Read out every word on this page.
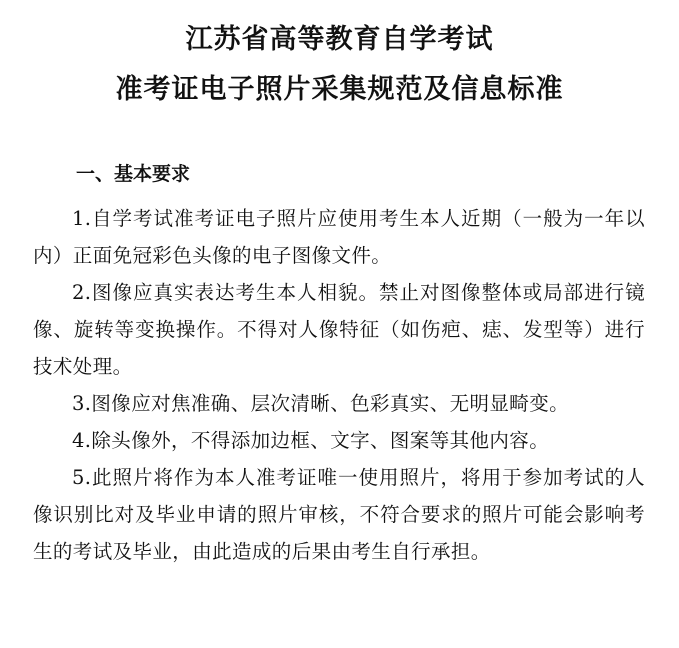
江苏省高等教育自学考试
准考证电子照片采集规范及信息标准
一、基本要求

1.自学考试准考证电子照片应使用考生本人近期（一般为一年以内）正面免冠彩色头像的电子图像文件。

2.图像应真实表达考生本人相貌。禁止对图像整体或局部进行镜像、旋转等变换操作。不得对人像特征（如伤疤、痣、发型等）进行技术处理。

3.图像应对焦准确、层次清晰、色彩真实、无明显畸变。

4.除头像外，不得添加边框、文字、图案等其他内容。

5.此照片将作为本人准考证唯一使用照片，将用于参加考试的人像识别比对及毕业申请的照片审核，不符合要求的照片可能会影响考生的考试及毕业，由此造成的后果由考生自行承担。
